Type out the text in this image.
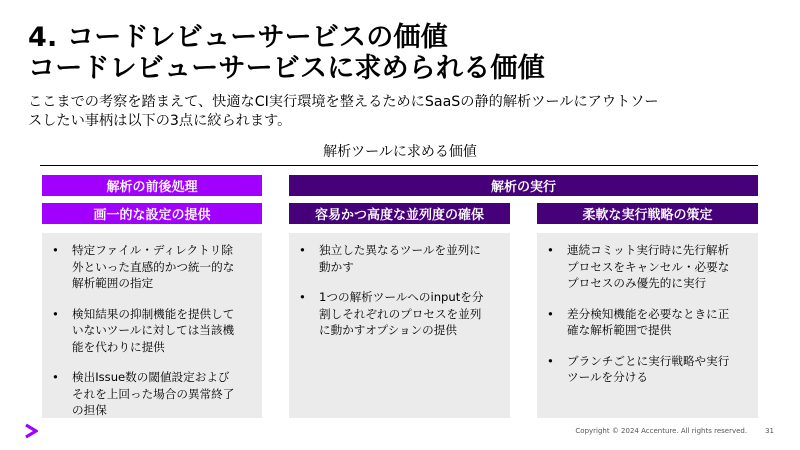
4. コードレビューサービスの価値
コードレビューサービスに求められる価値
ここまでの考察を踏まえて、快適なCI実行環境を整えるためにSaaSの静的解析ツールにアウトソー
スしたい事柄は以下の3点に絞られます。
解析ツールに求める価値
解析の前後処理	解析の実行
画一的な設定の提供	容易かつ高度な並列度の確保	柔軟な実行戦略の策定
• 特定ファイル・ディレクトリ除
外といった直感的かつ統一的な
解析範囲の指定
• 検知結果の抑制機能を提供して
いないツールに対しては当該機
能を代わりに提供
• 検出Issue数の閾値設定および
それを上回った場合の異常終了
の担保
• 独立した異なるツールを並列に
動かす
• 1つの解析ツールへのinputを分
割しそれぞれのプロセスを並列
に動かすオプションの提供
• 連続コミット実行時に先行解析
プロセスをキャンセル・必要な
プロセスのみ優先的に実行
• 差分検知機能を必要なときに正
確な解析範囲で提供
• ブランチごとに実行戦略や実行
ツールを分ける
Copyright © 2024 Accenture. All rights reserved.	31
